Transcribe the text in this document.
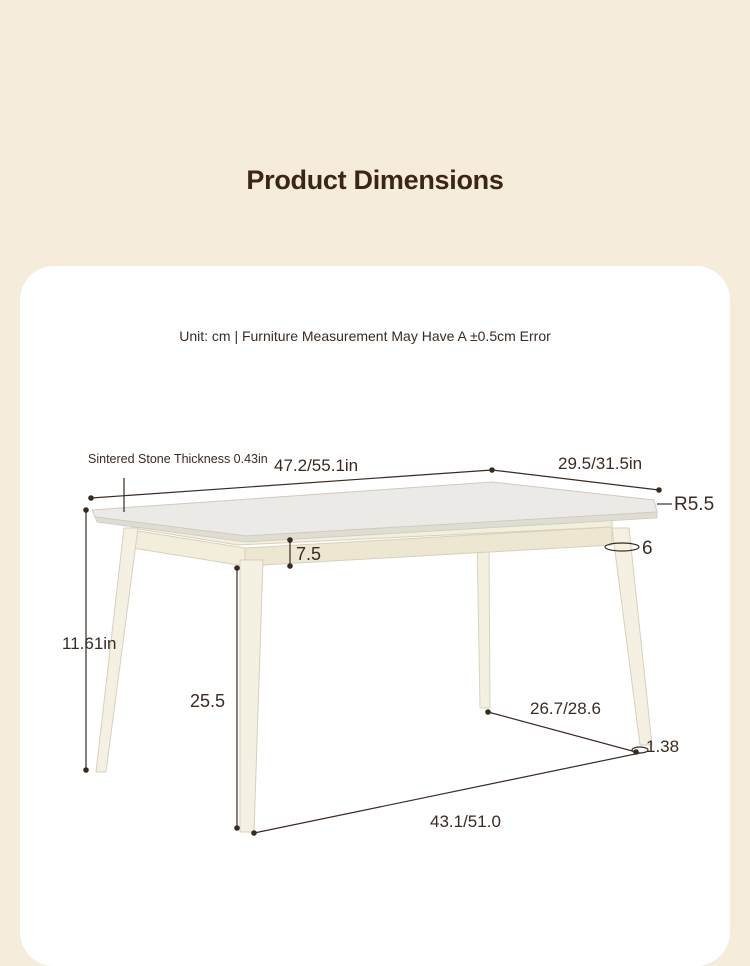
Product Dimensions
Unit: cm | Furniture Measurement May Have A ±0.5cm Error
Sintered Stone Thickness 0.43in 47.2/55.1in	29.5/31.5in
R5.5
7.5	6
11.61in
25.5	26.7/28.6
1.38
43.1/51.0
